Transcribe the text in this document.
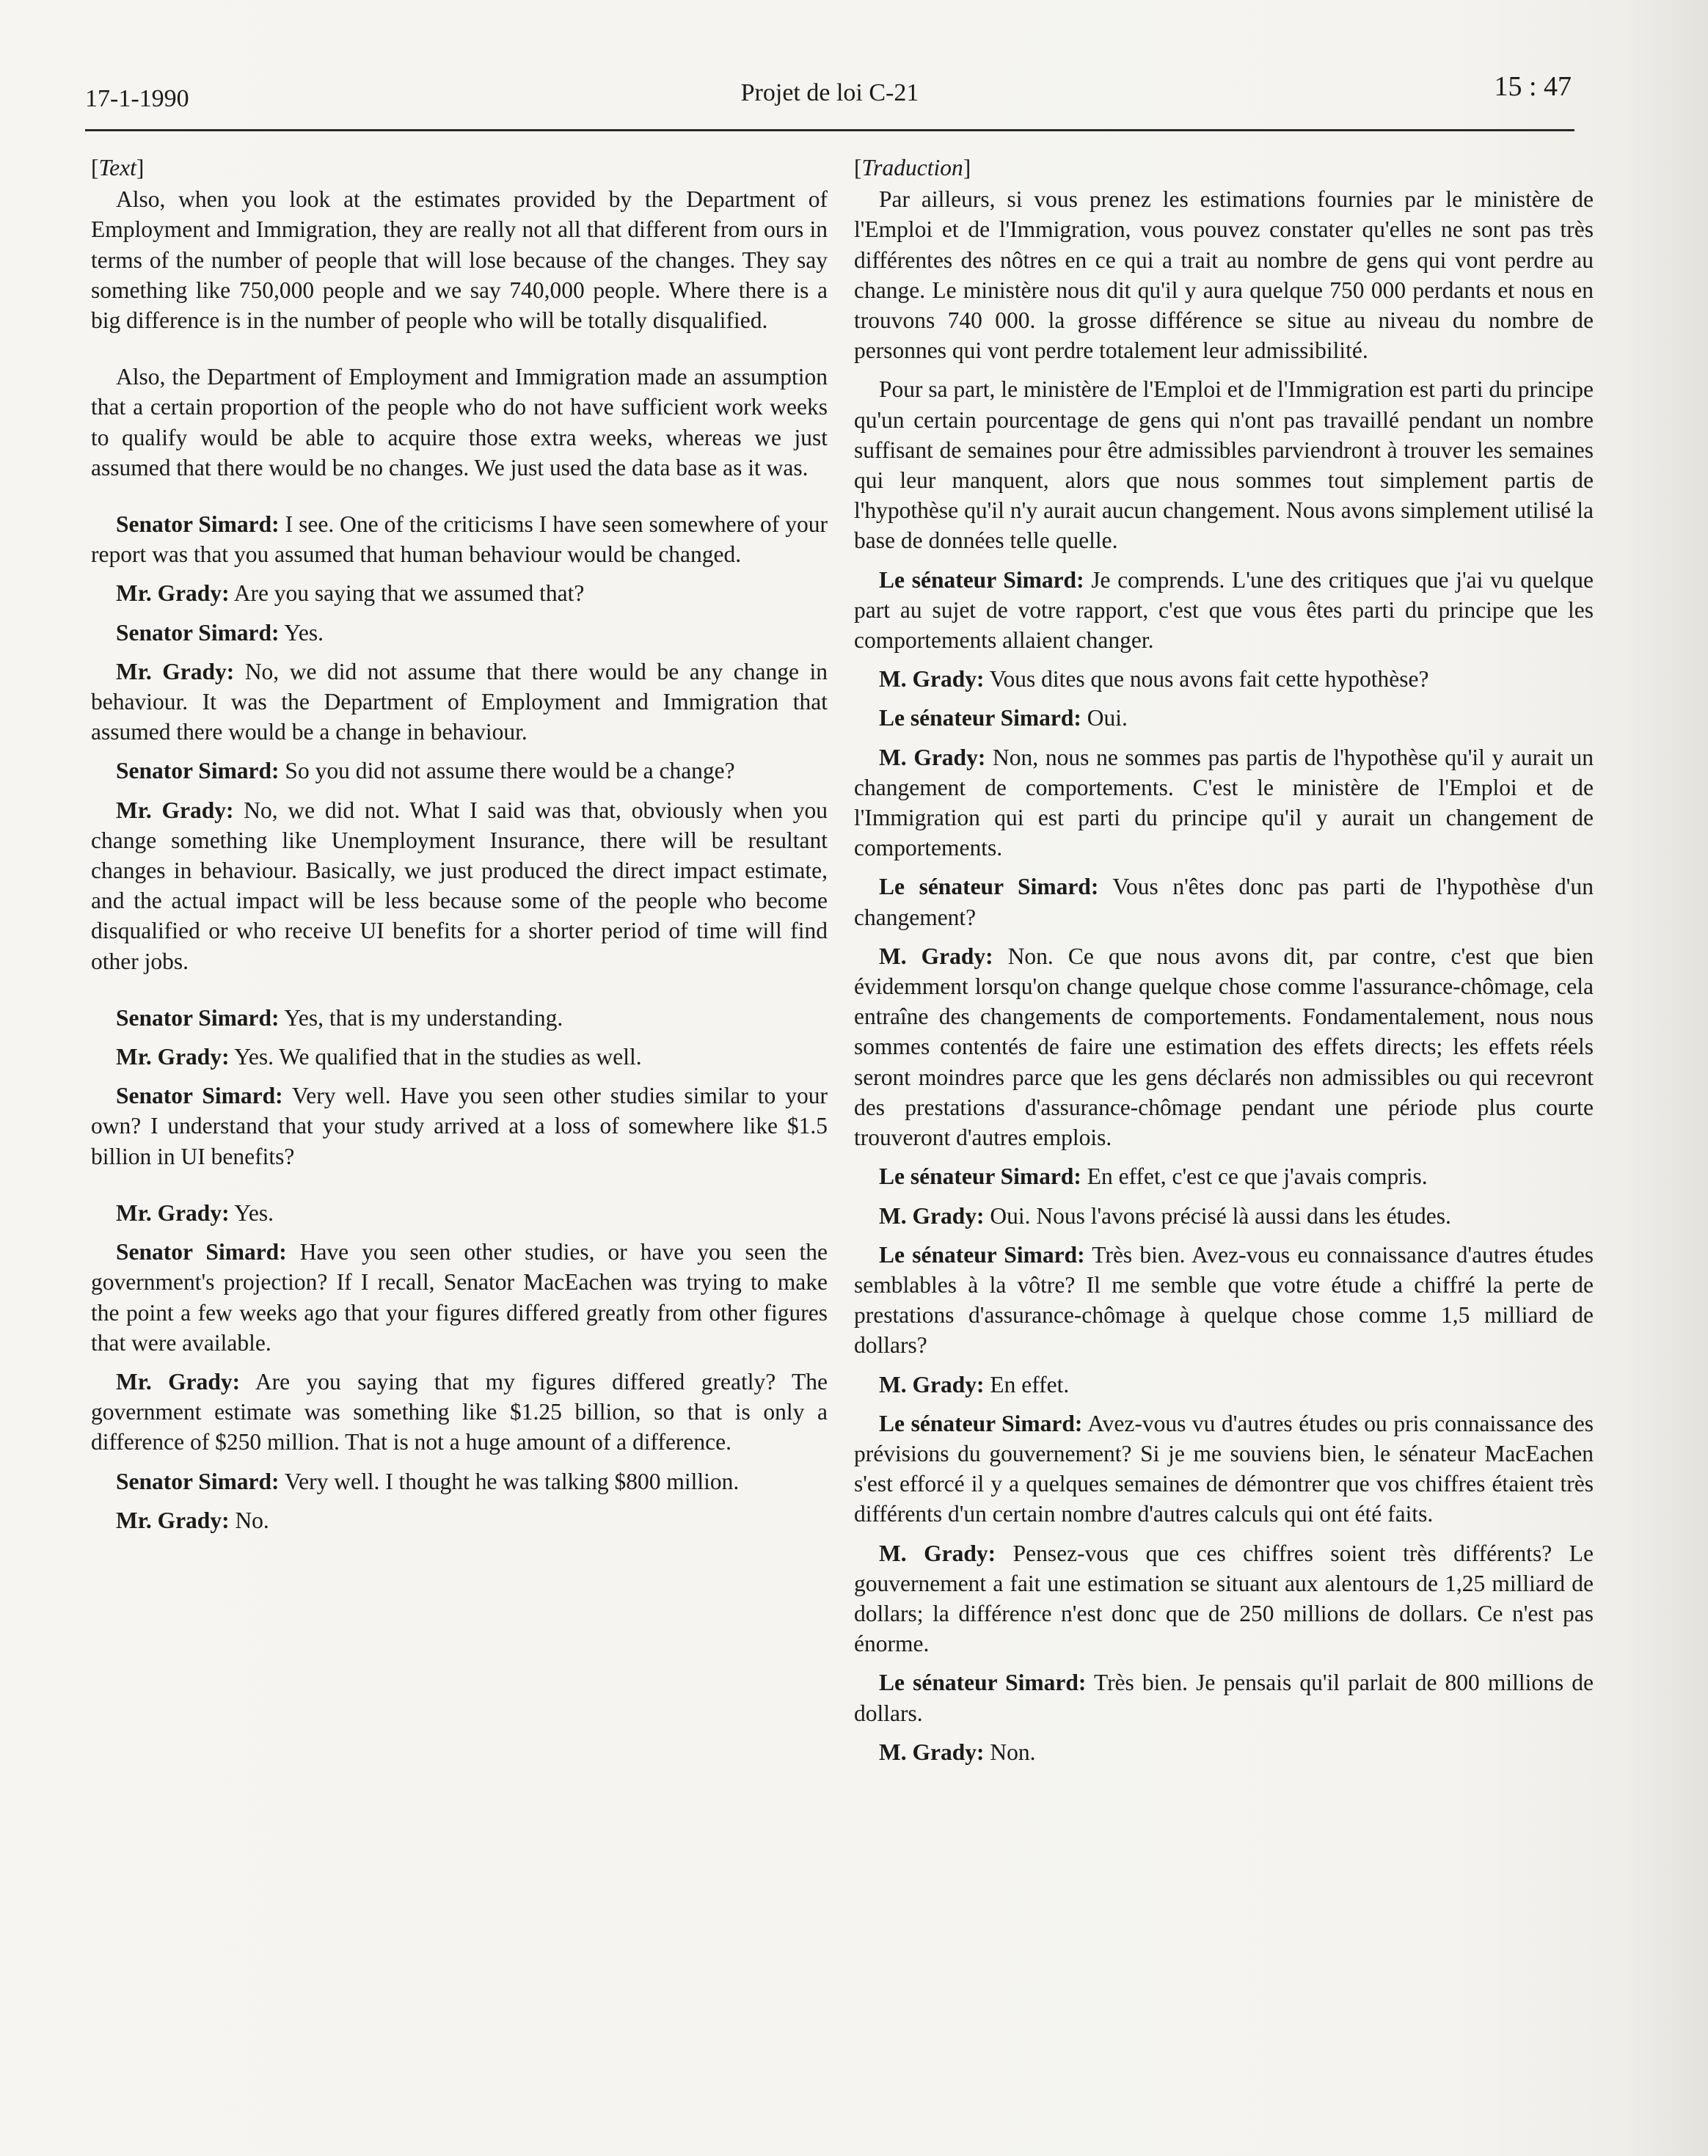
17-1-1990	Projet de loi C-21	15 : 47
[Text]

Also, when you look at the estimates provided by the Department of Employment and Immigration, they are really not all that different from ours in terms of the number of people that will lose because of the changes. They say something like 750,000 people and we say 740,000 people. Where there is a big difference is in the number of people who will be totally disqualified.

Also, the Department of Employment and Immigration made an assumption that a certain proportion of the people who do not have sufficient work weeks to qualify would be able to acquire those extra weeks, whereas we just assumed that there would be no changes. We just used the data base as it was.

Senator Simard: I see. One of the criticisms I have seen somewhere of your report was that you assumed that human behaviour would be changed.

Mr. Grady: Are you saying that we assumed that?

Senator Simard: Yes.

Mr. Grady: No, we did not assume that there would be any change in behaviour. It was the Department of Employment and Immigration that assumed there would be a change in behaviour.

Senator Simard: So you did not assume there would be a change?

Mr. Grady: No, we did not. What I said was that, obviously when you change something like Unemployment Insurance, there will be resultant changes in behaviour. Basically, we just produced the direct impact estimate, and the actual impact will be less because some of the people who become disqualified or who receive UI benefits for a shorter period of time will find other jobs.

Senator Simard: Yes, that is my understanding.

Mr. Grady: Yes. We qualified that in the studies as well.

Senator Simard: Very well. Have you seen other studies similar to your own? I understand that your study arrived at a loss of somewhere like $1.5 billion in UI benefits?

Mr. Grady: Yes.

Senator Simard: Have you seen other studies, or have you seen the government's projection? If I recall, Senator MacEachen was trying to make the point a few weeks ago that your figures differed greatly from other figures that were available.

Mr. Grady: Are you saying that my figures differed greatly? The government estimate was something like $1.25 billion, so that is only a difference of $250 million. That is not a huge amount of a difference.

Senator Simard: Very well. I thought he was talking $800 million.

Mr. Grady: No.

[Traduction]

Par ailleurs, si vous prenez les estimations fournies par le ministère de l'Emploi et de l'Immigration, vous pouvez constater qu'elles ne sont pas très différentes des nôtres en ce qui a trait au nombre de gens qui vont perdre au change. Le ministère nous dit qu'il y aura quelque 750 000 perdants et nous en trouvons 740 000. la grosse différence se situe au niveau du nombre de personnes qui vont perdre totalement leur admissibilité.

Pour sa part, le ministère de l'Emploi et de l'Immigration est parti du principe qu'un certain pourcentage de gens qui n'ont pas travaillé pendant un nombre suffisant de semaines pour être admissibles parviendront à trouver les semaines qui leur manquent, alors que nous sommes tout simplement partis de l'hypothèse qu'il n'y aurait aucun changement. Nous avons simplement utilisé la base de données telle quelle.

Le sénateur Simard: Je comprends. L'une des critiques que j'ai vu quelque part au sujet de votre rapport, c'est que vous êtes parti du principe que les comportements allaient changer.

M. Grady: Vous dites que nous avons fait cette hypothèse?

Le sénateur Simard: Oui.

M. Grady: Non, nous ne sommes pas partis de l'hypothèse qu'il y aurait un changement de comportements. C'est le ministère de l'Emploi et de l'Immigration qui est parti du principe qu'il y aurait un changement de comportements.

Le sénateur Simard: Vous n'êtes donc pas parti de l'hypothèse d'un changement?

M. Grady: Non. Ce que nous avons dit, par contre, c'est que bien évidemment lorsqu'on change quelque chose comme l'assurance-chômage, cela entraîne des changements de comportements. Fondamentalement, nous nous sommes contentés de faire une estimation des effets directs; les effets réels seront moindres parce que les gens déclarés non admissibles ou qui recevront des prestations d'assurance-chômage pendant une période plus courte trouveront d'autres emplois.

Le sénateur Simard: En effet, c'est ce que j'avais compris.

M. Grady: Oui. Nous l'avons précisé là aussi dans les études.

Le sénateur Simard: Très bien. Avez-vous eu connaissance d'autres études semblables à la vôtre? Il me semble que votre étude a chiffré la perte de prestations d'assurance-chômage à quelque chose comme 1,5 milliard de dollars?

M. Grady: En effet.

Le sénateur Simard: Avez-vous vu d'autres études ou pris connaissance des prévisions du gouvernement? Si je me souviens bien, le sénateur MacEachen s'est efforcé il y a quelques semaines de démontrer que vos chiffres étaient très différents d'un certain nombre d'autres calculs qui ont été faits.

M. Grady: Pensez-vous que ces chiffres soient très différents? Le gouvernement a fait une estimation se situant aux alentours de 1,25 milliard de dollars; la différence n'est donc que de 250 millions de dollars. Ce n'est pas énorme.

Le sénateur Simard: Très bien. Je pensais qu'il parlait de 800 millions de dollars.

M. Grady: Non.
